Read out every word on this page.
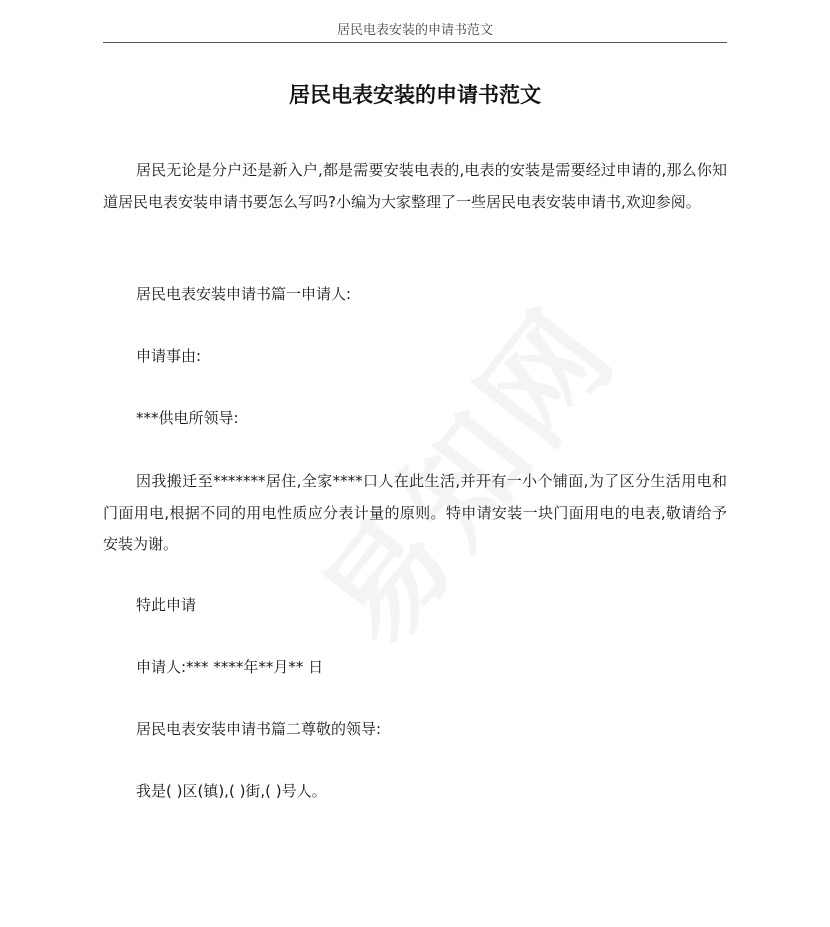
居民电表安装的申请书范文
居民电表安装的申请书范文

居民无论是分户还是新入户,都是需要安装电表的,电表的安装是需要经过申请的,那么你知道居民电表安装申请书要怎么写吗?小编为大家整理了一些居民电表安装申请书,欢迎参阅。

居民电表安装申请书篇一申请人:

申请事由:

***供电所领导:

因我搬迁至*******居住,全家****口人在此生活,并开有一小个铺面,为了区分生活用电和门面用电,根据不同的用电性质应分表计量的原则。特申请安装一块门面用电的电表,敬请给予安装为谢。

特此申请

申请人:*** ****年**月** 日

居民电表安装申请书篇二尊敬的领导:

我是( )区(镇),( )街,( )号人。
